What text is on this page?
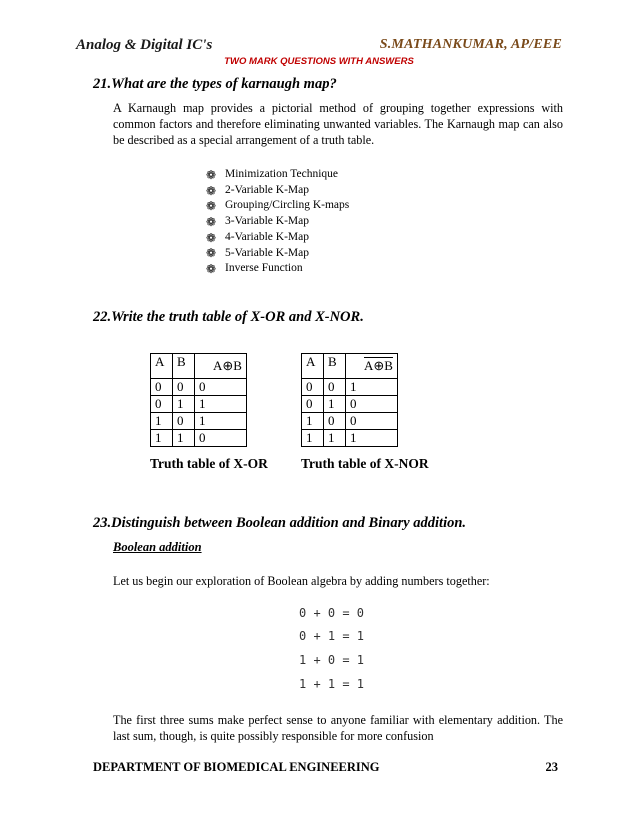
Analog & Digital IC's	S.MATHANKUMAR, AP/EEE
TWO MARK QUESTIONS WITH ANSWERS
21.What are the types of karnaugh map?
A Karnaugh map provides a pictorial method of grouping together expressions with common factors and therefore eliminating unwanted variables. The Karnaugh map can also be described as a special arrangement of a truth table.
❁ Minimization Technique
❁ 2-Variable K-Map
❁ Grouping/Circling K-maps
❁ 3-Variable K-Map
❁ 4-Variable K-Map
❁ 5-Variable K-Map
❁ Inverse Function
22.Write the truth table of X-OR and X-NOR.
A	B	A⊕B
0	0	0
0	1	1
1	0	1
1	1	0
A	B	A⊕B
0	0	1
0	1	0
1	0	0
1	1	1
Truth table of X-OR Truth table of X-NOR
23.Distinguish between Boolean addition and Binary addition.
Boolean addition
Let us begin our exploration of Boolean algebra by adding numbers together:
0 + 0 = 0
0 + 1 = 1
1 + 0 = 1
1 + 1 = 1
The first three sums make perfect sense to anyone familiar with elementary addition. The last sum, though, is quite possibly responsible for more confusion
DEPARTMENT OF BIOMEDICAL ENGINEERING	23
